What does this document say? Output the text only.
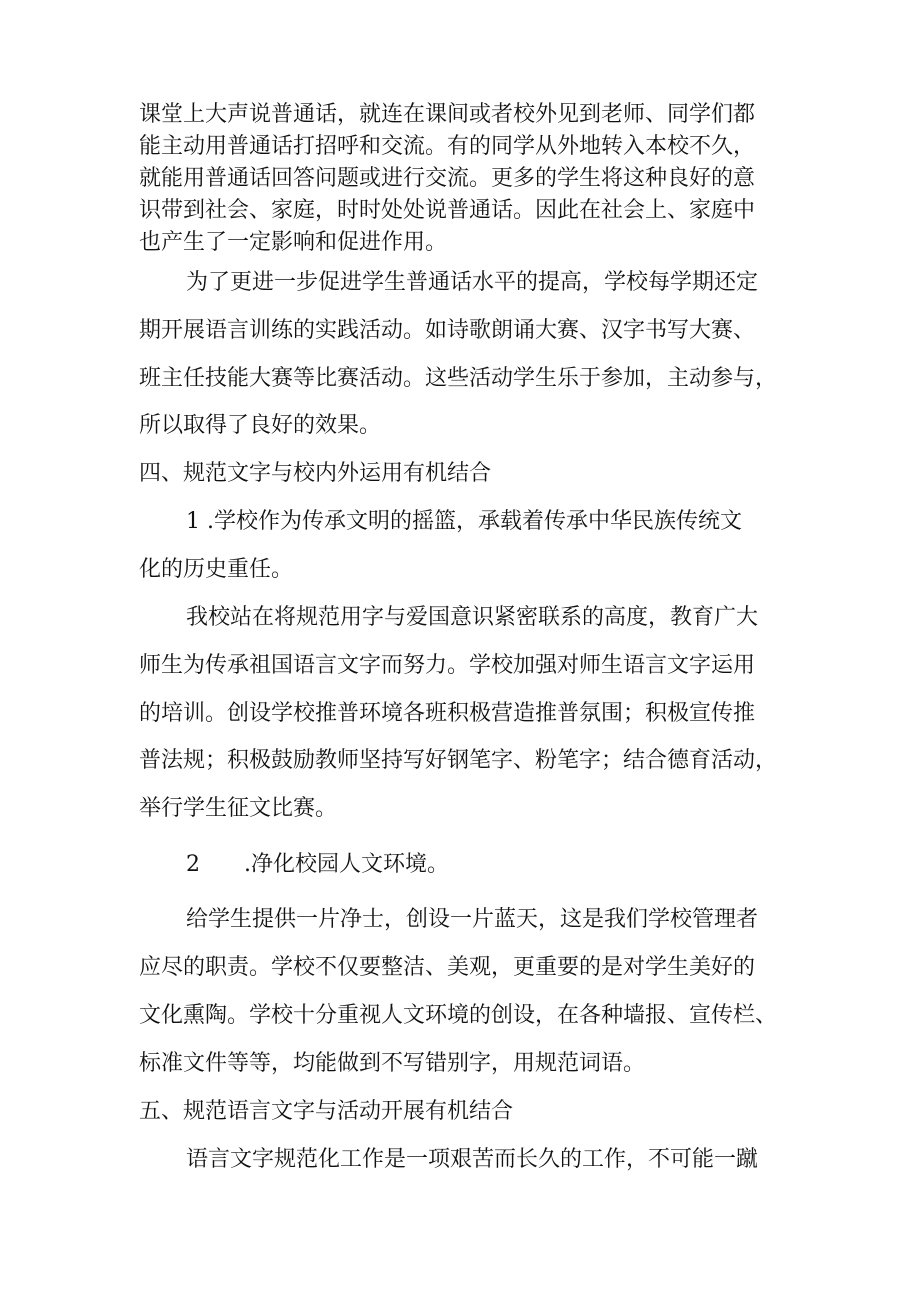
课堂上大声说普通话，就连在课间或者校外见到老师、同学们都
能主动用普通话打招呼和交流。有的同学从外地转入本校不久，
就能用普通话回答问题或进行交流。更多的学生将这种良好的意
识带到社会、家庭，时时处处说普通话。因此在社会上、家庭中
也产生了一定影响和促进作用。
为了更进一步促进学生普通话水平的提高，学校每学期还定
期开展语言训练的实践活动。如诗歌朗诵大赛、汉字书写大赛、
班主任技能大赛等比赛活动。这些活动学生乐于参加，主动参与，
所以取得了良好的效果。
四、规范文字与校内外运用有机结合
1 .学校作为传承文明的摇篮，承载着传承中华民族传统文
化的历史重任。
我校站在将规范用字与爱国意识紧密联系的高度，教育广大
师生为传承祖国语言文字而努力。学校加强对师生语言文字运用
的培训。创设学校推普环境各班积极营造推普氛围；积极宣传推
普法规；积极鼓励教师坚持写好钢笔字、粉笔字；结合德育活动，
举行学生征文比赛。
2　　.净化校园人文环境。
给学生提供一片净士，创设一片蓝天，这是我们学校管理者
应尽的职责。学校不仅要整洁、美观，更重要的是对学生美好的
文化熏陶。学校十分重视人文环境的创设，在各种墙报、宣传栏、
标准文件等等，均能做到不写错别字，用规范词语。
五、规范语言文字与活动开展有机结合
语言文字规范化工作是一项艰苦而长久的工作，不可能一蹴
